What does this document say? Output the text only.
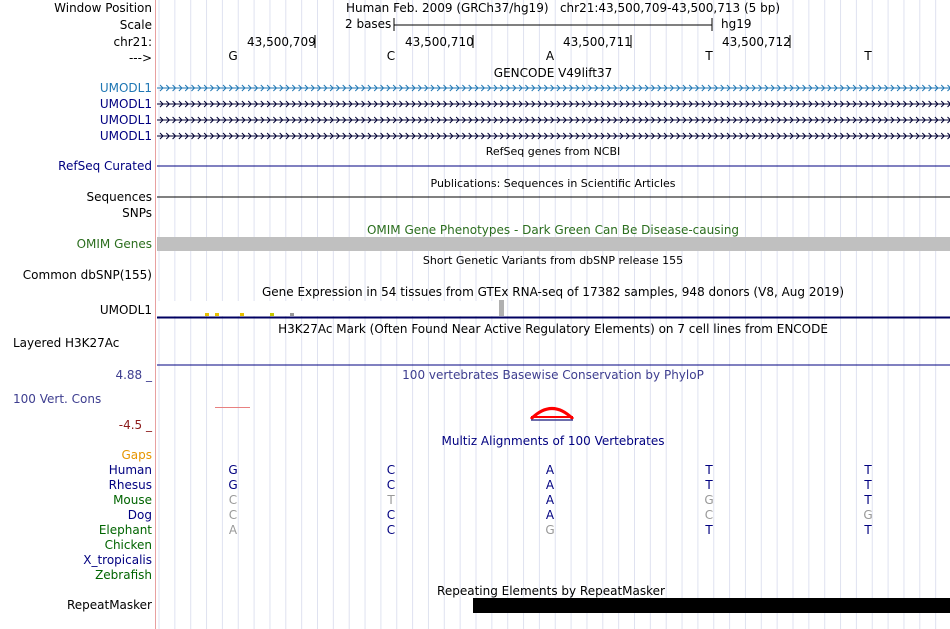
Window Position	Human Feb. 2009 (GRCh37/hg19)   chr21:43,500,709-43,500,713 (5 bp)
Scale	2 bases	hg19
chr21:
--->
43,500,709	43,500,710	43,500,711	43,500,712
G	C	A	T	T
GENCODE V49lift37
UMODL1
UMODL1
UMODL1
UMODL1
RefSeq genes from NCBI
RefSeq Curated
Publications: Sequences in Scientific Articles
Sequences
SNPs
OMIM Gene Phenotypes - Dark Green Can Be Disease-causing
OMIM Genes
Short Genetic Variants from dbSNP release 155
Common dbSNP(155)
Gene Expression in 54 tissues from GTEx RNA-seq of 17382 samples, 948 donors (V8, Aug 2019)
UMODL1
H3K27Ac Mark (Often Found Near Active Regulatory Elements) on 7 cell lines from ENCODE
Layered H3K27Ac
100 vertebrates Basewise Conservation by PhyloP
4.88 _
100 Vert. Cons
-4.5 _
Multiz Alignments of 100 Vertebrates
Gaps
Human	G	C	A	T	T
Rhesus	G	C	A	T	T
Mouse	C	T	A	G	T
Dog	C	C	A	C	G
Elephant	A	C	G	T	T
Chicken
X_tropicalis
Zebrafish
Repeating Elements by RepeatMasker
RepeatMasker
